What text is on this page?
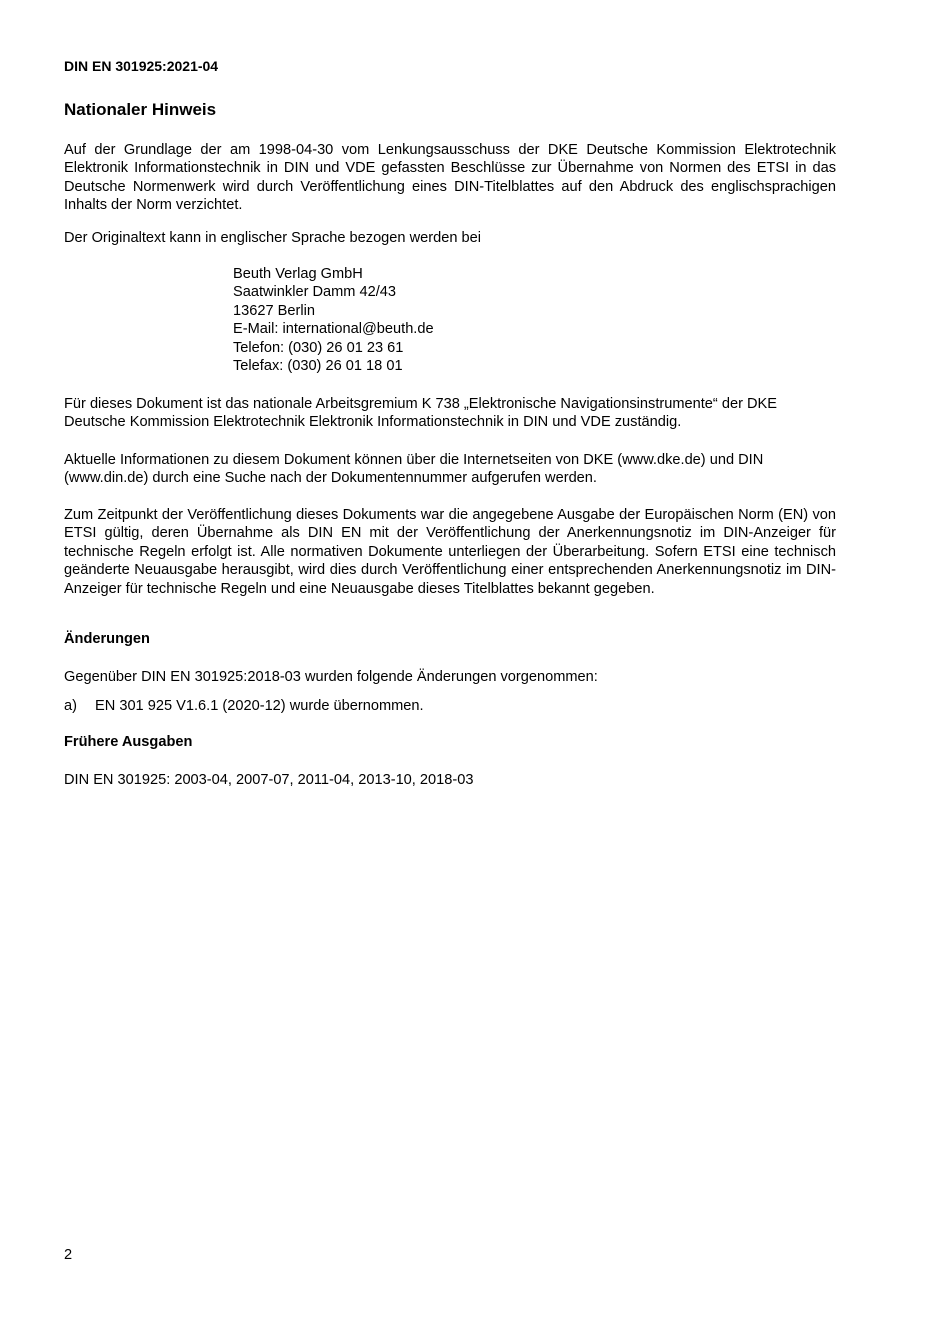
DIN EN 301925:2021-04

Nationaler Hinweis

Auf der Grundlage der am 1998-04-30 vom Lenkungsausschuss der DKE Deutsche Kommission Elektrotechnik Elektronik Informationstechnik in DIN und VDE gefassten Beschlüsse zur Übernahme von Normen des ETSI in das Deutsche Normenwerk wird durch Veröffentlichung eines DIN-Titelblattes auf den Abdruck des englischsprachigen Inhalts der Norm verzichtet.

Der Originaltext kann in englischer Sprache bezogen werden bei

Beuth Verlag GmbH
Saatwinkler Damm 42/43
13627 Berlin
E-Mail: international@beuth.de
Telefon: (030) 26 01 23 61
Telefax: (030) 26 01 18 01

Für dieses Dokument ist das nationale Arbeitsgremium K 738 „Elektronische Navigationsinstrumente“ der DKE Deutsche Kommission Elektrotechnik Elektronik Informationstechnik in DIN und VDE zuständig.

Aktuelle Informationen zu diesem Dokument können über die Internetseiten von DKE (www.dke.de) und DIN (www.din.de) durch eine Suche nach der Dokumentennummer aufgerufen werden.

Zum Zeitpunkt der Veröffentlichung dieses Dokuments war die angegebene Ausgabe der Europäischen Norm (EN) von ETSI gültig, deren Übernahme als DIN EN mit der Veröffentlichung der Anerkennungsnotiz im DIN-Anzeiger für technische Regeln erfolgt ist. Alle normativen Dokumente unterliegen der Überarbeitung. Sofern ETSI eine technisch geänderte Neuausgabe herausgibt, wird dies durch Veröffentlichung einer entsprechenden Anerkennungsnotiz im DIN-Anzeiger für technische Regeln und eine Neuausgabe dieses Titelblattes bekannt gegeben.

Änderungen

Gegenüber DIN EN 301925:2018-03 wurden folgende Änderungen vorgenommen:

a) EN 301 925 V1.6.1 (2020-12) wurde übernommen.

Frühere Ausgaben

DIN EN 301925: 2003-04, 2007-07, 2011-04, 2013-10, 2018-03

2
